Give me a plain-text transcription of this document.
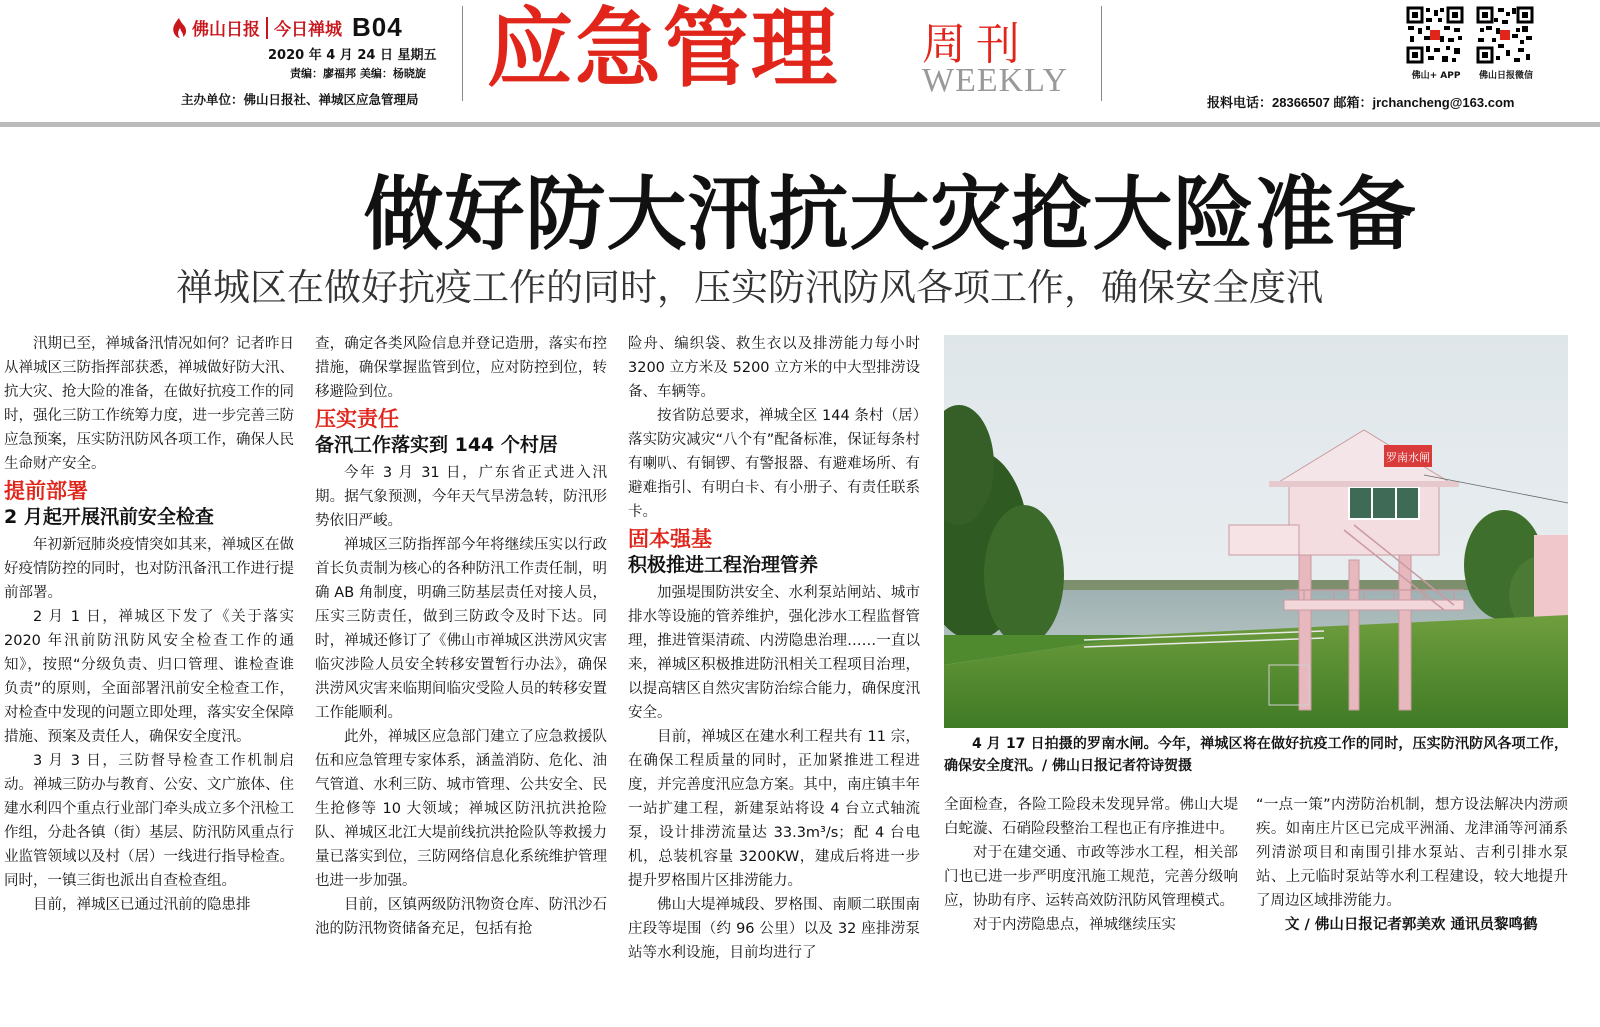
佛山日报 今日禅城 B04
2020 年 4 月 24 日 星期五
责编：廖福邦 美编：杨晓旋
主办单位：佛山日报社、禅城区应急管理局
应急管理 周刊
WEEKLY	佛山+ APP	佛山日报微信
报料电话：28366507 邮箱：jrchancheng@163.com
做好防大汛抗大灾抢大险准备
禅城区在做好抗疫工作的同时，压实防汛防风各项工作，确保安全度汛

汛期已至，禅城备汛情况如何？记者昨日从禅城区三防指挥部获悉，禅城做好防大汛、抗大灾、抢大险的准备，在做好抗疫工作的同时，强化三防工作统筹力度，进一步完善三防应急预案，压实防汛防风各项工作，确保人民生命财产安全。

提前部署

2 月起开展汛前安全检查

年初新冠肺炎疫情突如其来，禅城区在做好疫情防控的同时，也对防汛备汛工作进行提前部署。

2 月 1 日，禅城区下发了《关于落实 2020 年汛前防汛防风安全检查工作的通知》，按照“分级负责、归口管理、谁检查谁负责”的原则，全面部署汛前安全检查工作，对检查中发现的问题立即处理，落实安全保障措施、预案及责任人，确保安全度汛。

3 月 3 日，三防督导检查工作机制启动。禅城三防办与教育、公安、文广旅体、住建水利四个重点行业部门牵头成立多个汛检工作组，分赴各镇（街）基层、防汛防风重点行业监管领域以及村（居）一线进行指导检查。同时，一镇三街也派出自查检查组。

目前，禅城区已通过汛前的隐患排

查，确定各类风险信息并登记造册，落实布控措施，确保掌握监管到位，应对防控到位，转移避险到位。

压实责任

备汛工作落实到 144 个村居

今年 3 月 31 日，广东省正式进入汛期。据气象预测，今年天气旱涝急转，防汛形势依旧严峻。

禅城区三防指挥部今年将继续压实以行政首长负责制为核心的各种防汛工作责任制，明确 AB 角制度，明确三防基层责任对接人员，压实三防责任，做到三防政令及时下达。同时，禅城还修订了《佛山市禅城区洪涝风灾害临灾涉险人员安全转移安置暂行办法》，确保洪涝风灾害来临期间临灾受险人员的转移安置工作能顺利。

此外，禅城区应急部门建立了应急救援队伍和应急管理专家体系，涵盖消防、危化、油气管道、水利三防、城市管理、公共安全、民生抢修等 10 大领域；禅城区防汛抗洪抢险队、禅城区北江大堤前线抗洪抢险队等救援力量已落实到位，三防网络信息化系统维护管理也进一步加强。

目前，区镇两级防汛物资仓库、防汛沙石池的防汛物资储备充足，包括有抢

险舟、编织袋、救生衣以及排涝能力每小时 3200 立方米及 5200 立方米的中大型排涝设备、车辆等。

按省防总要求，禅城全区 144 条村（居）落实防灾减灾“八个有”配备标准，保证每条村有喇叭、有铜锣、有警报器、有避难场所、有避难指引、有明白卡、有小册子、有责任联系卡。

固本强基

积极推进工程治理管养

加强堤围防洪安全、水利泵站闸站、城市排水等设施的管养维护，强化涉水工程监督管理，推进管渠清疏、内涝隐患治理……一直以来，禅城区积极推进防汛相关工程项目治理，以提高辖区自然灾害防治综合能力，确保度汛安全。

目前，禅城区在建水利工程共有 11 宗，在确保工程质量的同时，正加紧推进工程进度，并完善度汛应急方案。其中，南庄镇丰年一站扩建工程，新建泵站将设 4 台立式轴流泵，设计排涝流量达 33.3m³/s；配 4 台电机，总装机容量 3200KW，建成后将进一步提升罗格围片区排涝能力。

佛山大堤禅城段、罗格围、南顺二联围南庄段等堤围（约 96 公里）以及 32 座排涝泵站等水利设施，目前均进行了

罗南水闸
4 月 17 日拍摄的罗南水闸。今年，禅城区将在做好抗疫工作的同时，压实防汛防风各项工作，确保安全度汛。/ 佛山日报记者符诗贺摄

全面检查，各险工险段未发现异常。佛山大堤白蛇漩、石硝险段整治工程也正有序推进中。

对于在建交通、市政等涉水工程，相关部门也已进一步严明度汛施工规范，完善分级响应，协助有序、运转高效防汛防风管理模式。

对于内涝隐患点，禅城继续压实

“一点一策”内涝防治机制，想方设法解决内涝顽疾。如南庄片区已完成平洲涌、龙津涌等河涌系列清淤项目和南围引排水泵站、吉利引排水泵站、上元临时泵站等水利工程建设，较大地提升了周边区域排涝能力。

文 / 佛山日报记者郭美欢 通讯员黎鸣鹤
